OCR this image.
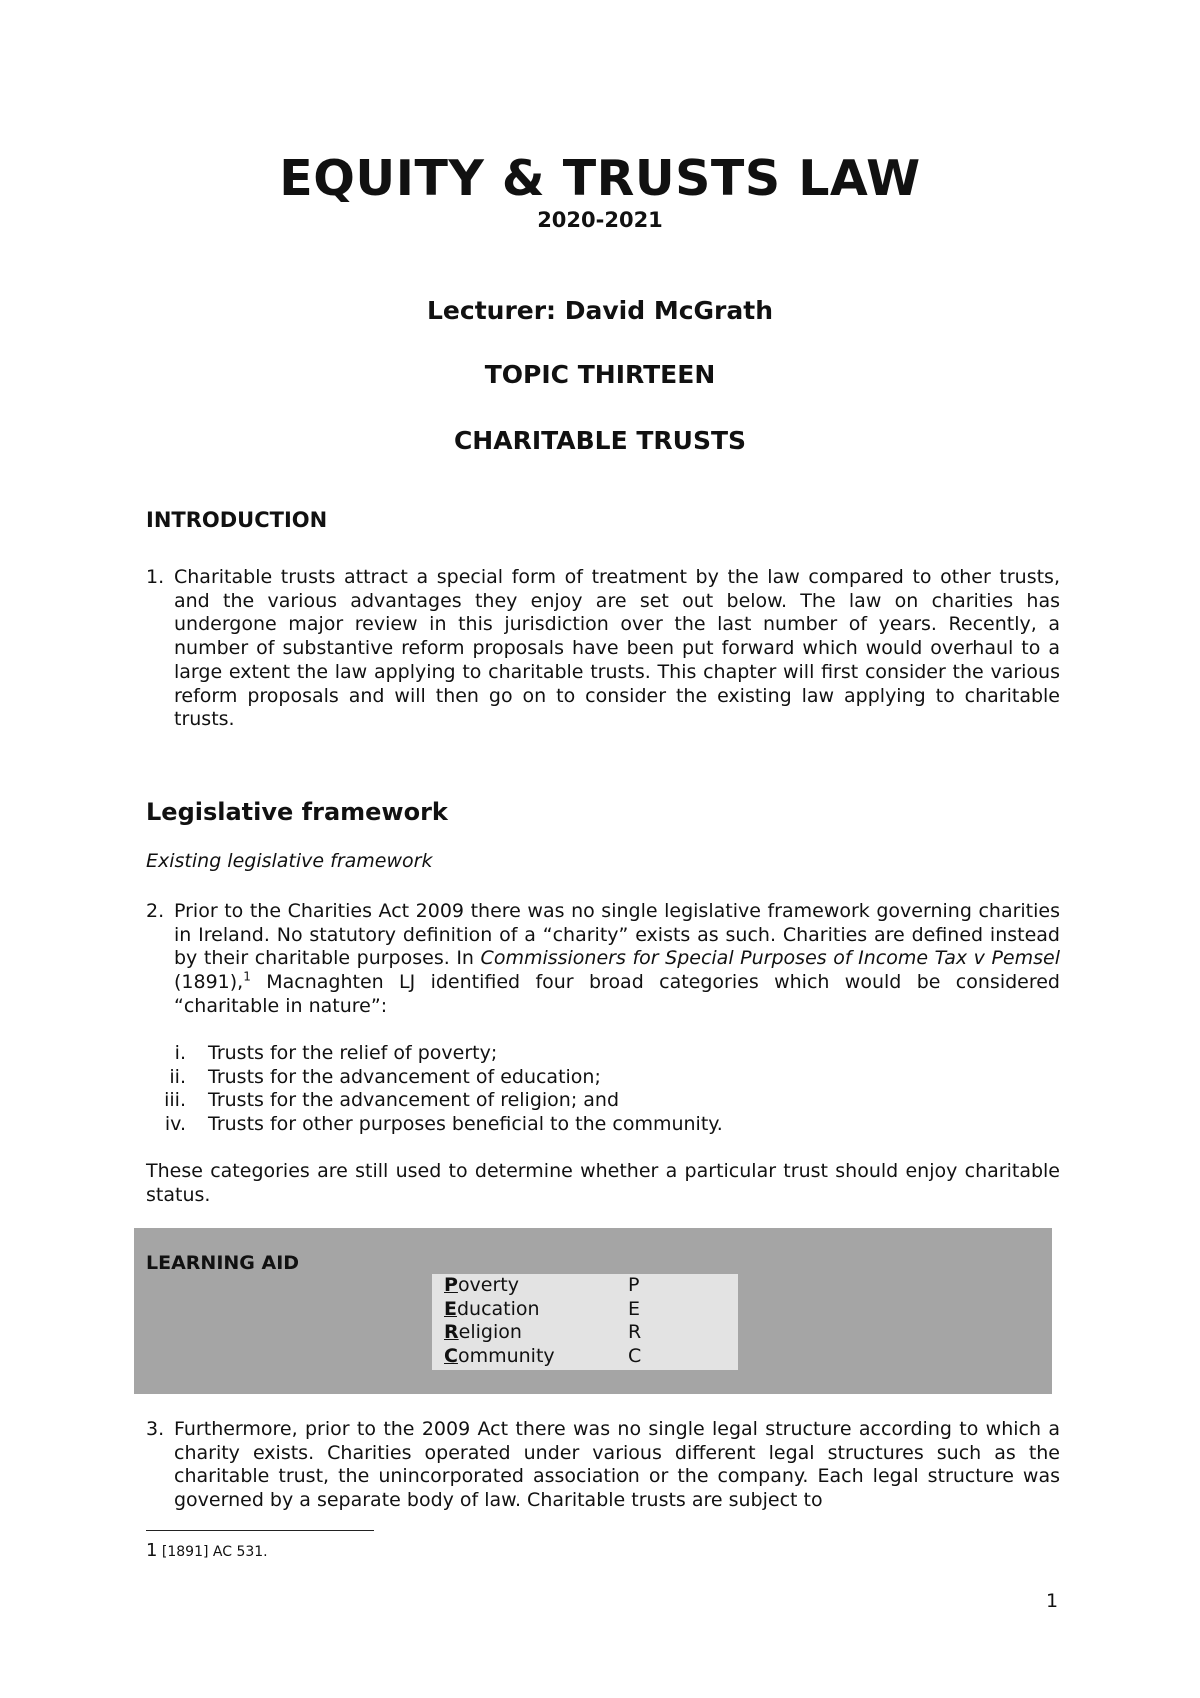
EQUITY & TRUSTS LAW
2020-2021
Lecturer: David McGrath
TOPIC THIRTEEN
CHARITABLE TRUSTS
INTRODUCTION
1. Charitable trusts attract a special form of treatment by the law compared to other trusts, and the various advantages they enjoy are set out below. The law on charities has undergone major review in this jurisdiction over the last number of years. Recently, a number of substantive reform proposals have been put forward which would overhaul to a large extent the law applying to charitable trusts. This chapter will first consider the various reform proposals and will then go on to consider the existing law applying to charitable trusts.
Legislative framework
Existing legislative framework
2. Prior to the Charities Act 2009 there was no single legislative framework governing charities in Ireland. No statutory definition of a “charity” exists as such. Charities are defined instead by their charitable purposes. In Commissioners for Special Purposes of Income Tax v Pemsel (1891),$^1$ Macnaghten LJ identified four broad categories which would be considered “charitable in nature”:
i. Trusts for the relief of poverty;
ii. Trusts for the advancement of education;
iii. Trusts for the advancement of religion; and
iv. Trusts for other purposes beneficial to the community.
These categories are still used to determine whether a particular trust should enjoy charitable status.
LEARNING AID
Poverty	P
Education	E
Religion	R
Community	C
3. Furthermore, prior to the 2009 Act there was no single legal structure according to which a charity exists. Charities operated under various different legal structures such as the charitable trust, the unincorporated association or the company. Each legal structure was governed by a separate body of law. Charitable trusts are subject to
1 [1891] AC 531.
1
